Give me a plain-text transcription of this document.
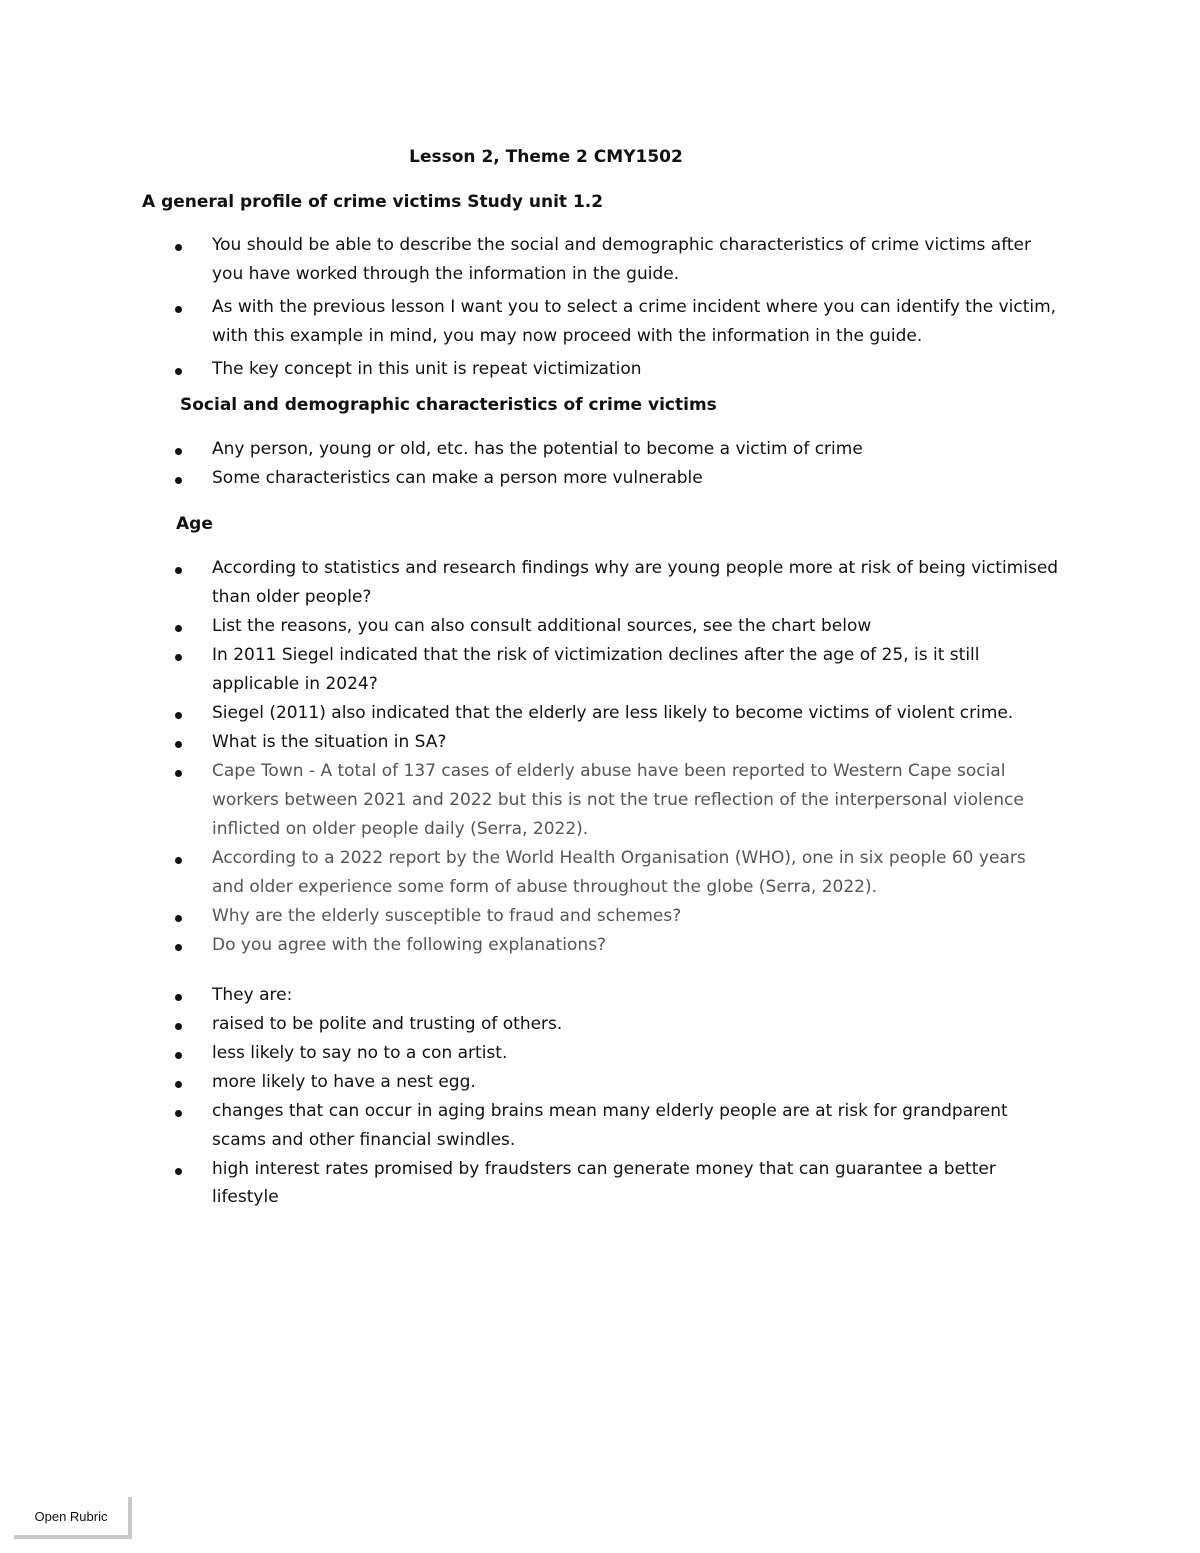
Lesson 2, Theme 2 CMY1502
A general profile of crime victims Study unit 1.2
You should be able to describe the social and demographic characteristics of crime victims after you have worked through the information in the guide.
As with the previous lesson I want you to select a crime incident where you can identify the victim, with this example in mind, you may now proceed with the information in the guide.
The key concept in this unit is repeat victimization
Social and demographic characteristics of crime victims
Any person, young or old, etc. has the potential to become a victim of crime
Some characteristics can make a person more vulnerable
Age
According to statistics and research findings why are young people more at risk of being victimised than older people?
List the reasons, you can also consult additional sources, see the chart below
In 2011 Siegel indicated that the risk of victimization declines after the age of 25, is it still applicable in 2024?
Siegel (2011) also indicated that the elderly are less likely to become victims of violent crime.
What is the situation in SA?
Cape Town - A total of 137 cases of elderly abuse have been reported to Western Cape social workers between 2021 and 2022 but this is not the true reflection of the interpersonal violence inflicted on older people daily (Serra, 2022).
According to a 2022 report by the World Health Organisation (WHO), one in six people 60 years and older experience some form of abuse throughout the globe (Serra, 2022).
Why are the elderly susceptible to fraud and schemes?
Do you agree with the following explanations?
They are:
raised to be polite and trusting of others.
less likely to say no to a con artist.
more likely to have a nest egg.
changes that can occur in aging brains mean many elderly people are at risk for grandparent scams and other financial swindles.
high interest rates promised by fraudsters can generate money that can guarantee a better lifestyle
Open Rubric
